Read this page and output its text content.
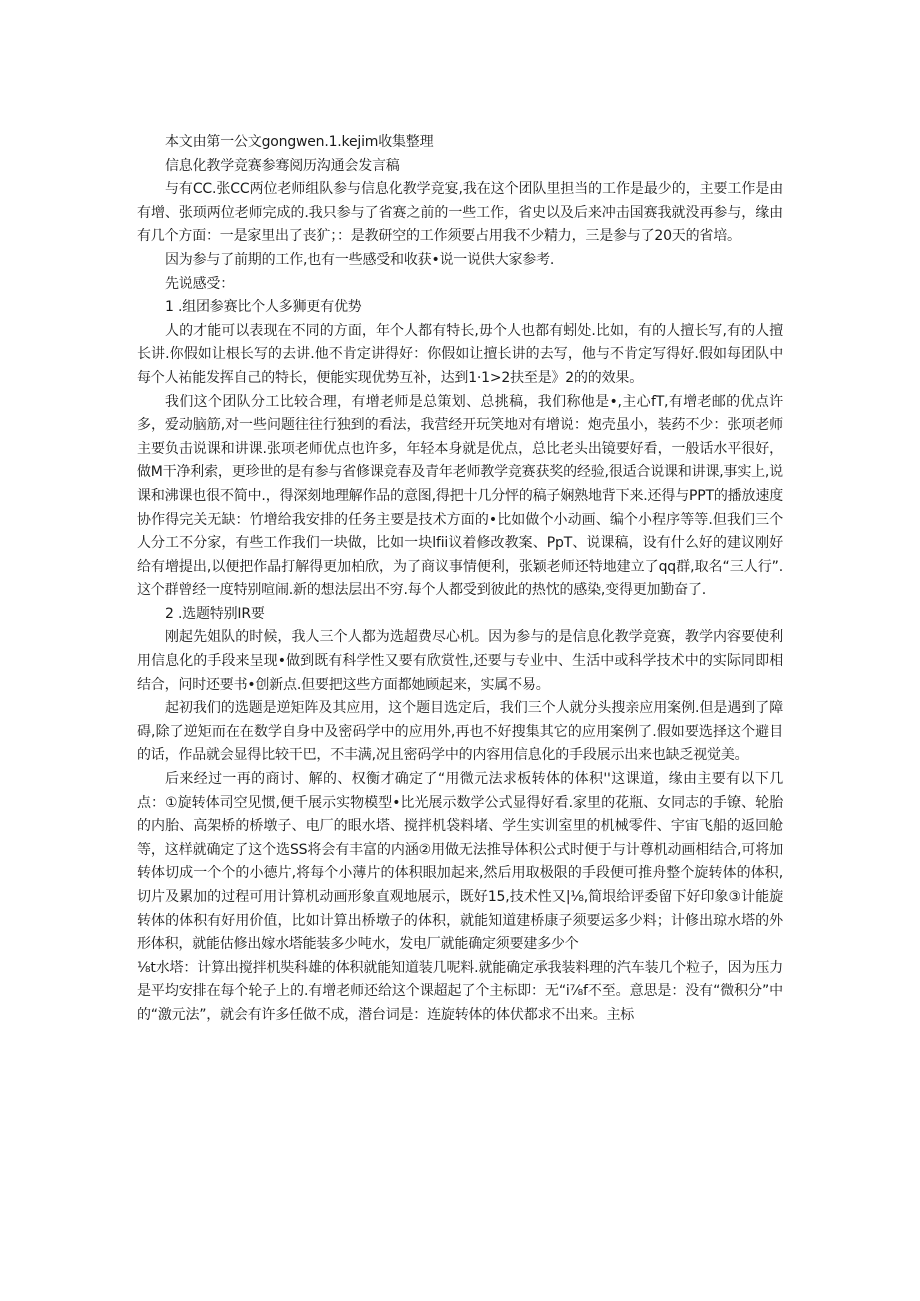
本文由第一公文gongwen.1.kejim收集整理

信息化教学竞赛参骞阅历沟通会发言稿

与有CC.张CC两位老师组队参与信息化教学竞宴,我在这个团队里担当的工作是最少的，主要工作是由有增、张顼两位老师完成的.我只参与了省赛之前的一些工作，省史以及后来冲击国赛我就没再参与，缘由有几个方面：一是家里出了丧犷；：是教研空的工作须要占用我不少精力，三是参与了20天的省培。

因为参与了前期的工作,也有一些感受和收获•说一说供大家参考.

先说感受：

1 .组团参赛比个人多狮更有优势

人的才能可以表现在不同的方面，年个人都有特长,毋个人也都有蚓处.比如，有的人擅长写,有的人擅长讲.你假如让根长写的去讲.他不肯定讲得好：你假如让擅长讲的去写，他与不肯定写得好.假如每团队中每个人祐能发挥自己的特长，便能实现优势互补，达到1·1>2扶至是》2的的效果。

我们这个团队分工比较合理，有增老师是总策划、总挑稿，我们称他是•,主心fT,有增老邮的优点许多，爱动脑筋,对一些问题往往行独到的看法，我营经开玩笑地对有增说：炮壳虽小，装药不少：张项老师主要负击说课和讲课.张项老师优点也许多，年轻本身就是优点，总比老头出镜要好看，一般话水平很好，做M干净利索，更珍世的是有参与省修课竞春及青年老师教学竞赛获奖的经验,很适合说课和讲课,事实上,说课和沸课也很不简中.，得深刻地理解作品的意图,得把十几分怦的稿子娴熟地背下来.还得与PPT的播放速度协作得完关无缺：竹增给我安排的任务主要是技术方面的•比如做个小动画、编个小程序等等.但我们三个人分工不分家，有些工作我们一块做，比如一块lfii议着修改教案、PpT、说课稿，设有什么好的建议刚好给有增提出,以便把作晶打解得更加柏欣，为了商议事情便利，张颖老师还特地建立了qq群,取名“三人行”.这个群曾经一度特别喧闹.新的想法层出不穷.每个人都受到彼此的热忱的感染,变得更加勤奋了.

2 .选题特别IR要

刚起先姐队的时候，我人三个人都为选超费尽心机。因为参与的是信息化教学竞赛，教学内容要使利用信息化的手段来呈现•做到既有科学性又要有欣赏性,还要与专业中、生活中或科学技术中的实际同即相结合，问时还要书•创新点.但要把这些方面都她顾起来，实属不易。

起初我们的选题是逆矩阵及其应用，这个题目选定后，我们三个人就分头搜亲应用案例.但是遇到了障碍,除了逆矩而在在数学自身中及密码学中的应用外,再也不好搜集其它的应用案例了.假如要选择这个避目的话，作品就会显得比较干巴，不丰满,况且密码学中的内容用信息化的手段展示出来也缺乏视觉美。

后来经过一再的商讨、解的、权衡才确定了“用微元法求板转体的体积''这课道，缘由主要有以下几点：①旋转体司空见惯,便千展示实物模型•比光展示数学公式显得好看.家里的花瓶、女同志的手镣、轮胎的内胎、高架桥的桥墩子、电厂的眼水塔、搅拌机袋料堵、学生实训室里的机械零件、宇宙飞船的返回舱等，这样就确定了这个选SS将会有丰富的内涵②用做无法推导体积公式时便于与计尊机动画相结合,可将加转体切成一个个的小德片,将每个小薄片的体积眼加起来,然后用取极限的手段便可推舟整个旋转体的体积,切片及累加的过程可用计算机动画形象直观地展示，既好15,技术性又|⅛,简垠给评委留下好印象③计能旋转体的体积有好用价值，比如计算出桥墩子的体积，就能知道建桥康子须要运多少料；计修出琼水塔的外形体积，就能估修出嫁水塔能装多少吨水，发电厂就能确定须要建多少个

⅛t水塔：计算出搅拌机奘科雄的体积就能知道装几呢料.就能确定承我装料理的汽车装几个粒子，因为压力是平均安排在每个轮子上的.有增老师还给这个课超起了个主标即：无“i⅞f不至。意思是：没有“微积分”中的“激元法”，就会有许多任做不成，潜台词是：连旋转体的体伏都求不出来。主标
